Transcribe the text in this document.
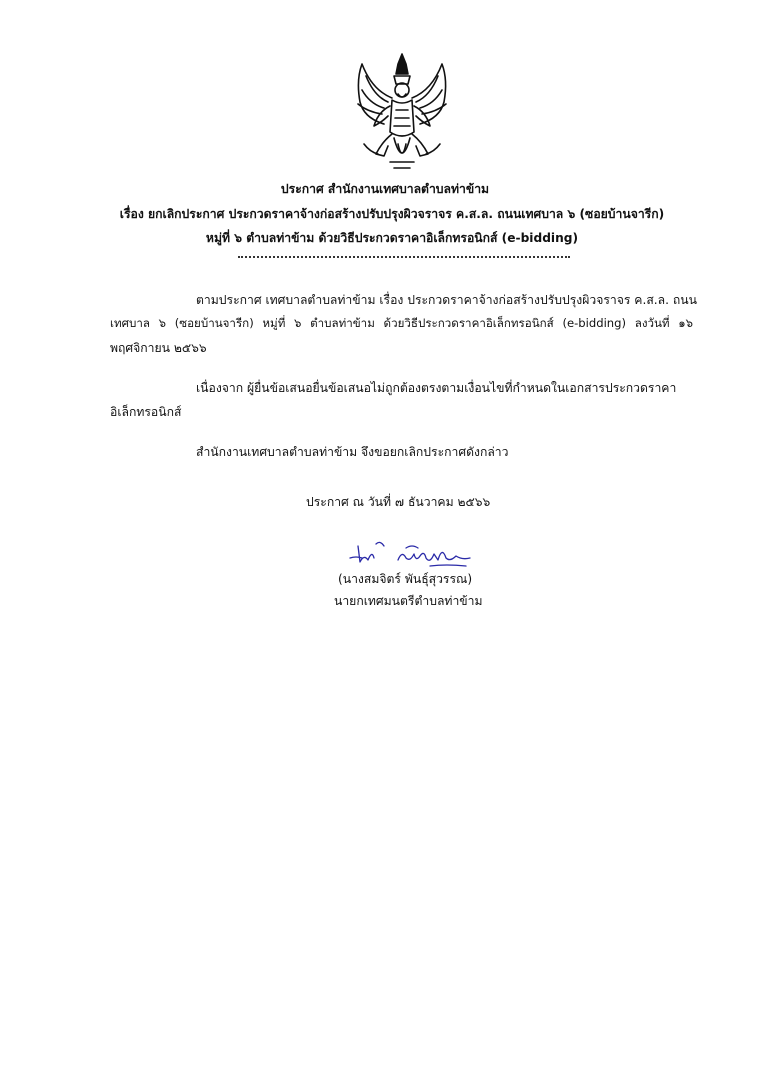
ประกาศ สำนักงานเทศบาลตำบลท่าข้าม
เรื่อง ยกเลิกประกาศ ประกวดราคาจ้างก่อสร้างปรับปรุงผิวจราจร ค.ส.ล. ถนนเทศบาล ๖ (ซอยบ้านจารีก)
หมู่ที่ ๖ ตำบลท่าข้าม ด้วยวิธีประกวดราคาอิเล็กทรอนิกส์ (e-bidding)
ตามประกาศ เทศบาลตำบลท่าข้าม เรื่อง ประกวดราคาจ้างก่อสร้างปรับปรุงผิวจราจร ค.ส.ล. ถนน
เทศบาล ๖ (ซอยบ้านจารีก) หมู่ที่ ๖ ตำบลท่าข้าม ด้วยวิธีประกวดราคาอิเล็กทรอนิกส์ (e-bidding) ลงวันที่ ๑๖
พฤศจิกายน ๒๕๖๖
เนื่องจาก ผู้ยื่นข้อเสนอยื่นข้อเสนอไม่ถูกต้องตรงตามเงื่อนไขที่กำหนดในเอกสารประกวดราคา
อิเล็กทรอนิกส์
สำนักงานเทศบาลตำบลท่าข้าม จึงขอยกเลิกประกาศดังกล่าว
ประกาศ ณ วันที่ ๗ ธันวาคม ๒๕๖๖
(นางสมจิตร์ พันธุ์สุวรรณ)
นายกเทศมนตรีตำบลท่าข้าม
